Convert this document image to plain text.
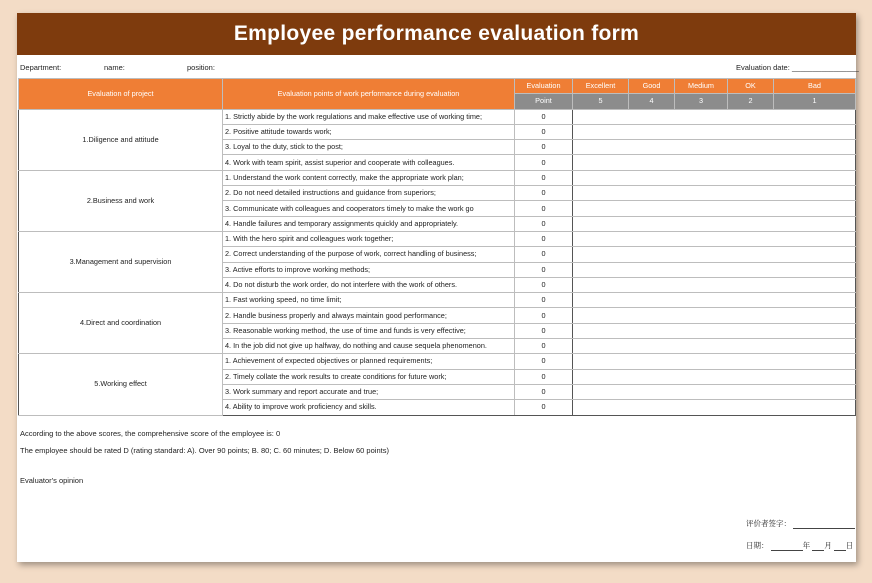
Employee performance evaluation form
Department:	name:	position:	Evaluation date: ________________
Evaluation of project	Evaluation points of work performance during evaluation	Evaluation	Excellent	Good	Medium	OK	Bad
		Point	5	4	3	2	1
1.Diligence and attitude	1. Strictly abide by the work regulations and make effective use of working time;	0					
	2. Positive attitude towards work;	0					
	3. Loyal to the duty, stick to the post;	0					
	4. Work with team spirit, assist superior and cooperate with colleagues.	0					
2.Business and work	1. Understand the work content correctly, make the appropriate work plan;	0					
	2. Do not need detailed instructions and guidance from superiors;	0					
	3. Communicate with colleagues and cooperators timely to make the work go	0					
	4. Handle failures and temporary assignments quickly and appropriately.	0					
3.Management and supervision	1. With the hero spirit and colleagues work together;	0					
	2. Correct understanding of the purpose of work, correct handling of business;	0					
	3. Active efforts to improve working methods;	0					
	4. Do not disturb the work order, do not interfere with the work of others.	0					
4.Direct and coordination	1. Fast working speed, no time limit;	0					
	2. Handle business properly and always maintain good performance;	0					
	3. Reasonable working method, the use of time and funds is very effective;	0					
	4. In the job did not give up halfway, do nothing and cause sequela phenomenon.	0					
5.Working effect	1. Achievement of expected objectives or planned requirements;	0					
	2. Timely collate the work results to create conditions for future work;	0					
	3. Work summary and report accurate and true;	0					
	4. Ability to improve work proficiency and skills.	0					
According to the above scores, the comprehensive score of the employee is: 0
The employee should be rated D (rating standard: A). Over 90 points; B. 80; C. 60 minutes; D. Below 60 points)
Evaluator's opinion
评价者签字：
日期：	年 月 日
